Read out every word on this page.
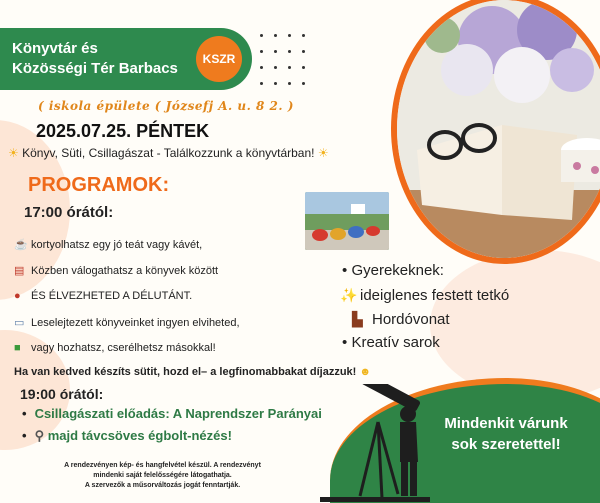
Könyvtár és
Közösségi Tér Barbacs
KSZR
( iskola épülete ( Józsefj A. u. 8 2. )
2025.07.25. PÉNTEK
☀ Könyv, Süti, Csillagászat - Találkozzunk a könyvtárban! ☀
PROGRAMOK:
17:00 órától:
☕ kortyolhatsz egy jó teát vagy kávét,
▤ Közben válogathatsz a könyvek között
● ÉS ÉLVEZHETED A DÉLUTÁNT.
▭ Leselejtezett könyveinket ingyen elviheted,
■ vagy hozhatsz, cserélhetsz másokkal!
• Gyerekeknek:
✨ ideiglenes festett tetkó
▙ Hordóvonat
• Kreatív sarok
Ha van kedved készíts sütit, hozd el– a legfinomabbakat díjazzuk! ☻
19:00 órától:
• Csillagászati előadás: A Naprendszer Parányai
• ⚲ majd távcsöves égbolt-nézés!
A rendezvényen kép- és hangfelvétel készül. A rendezvényt
mindenki saját felelősségére látogathatja.
A szervezők a műsorváltozás jogát fenntartják.
Mindenkit várunk
sok szeretettel!
